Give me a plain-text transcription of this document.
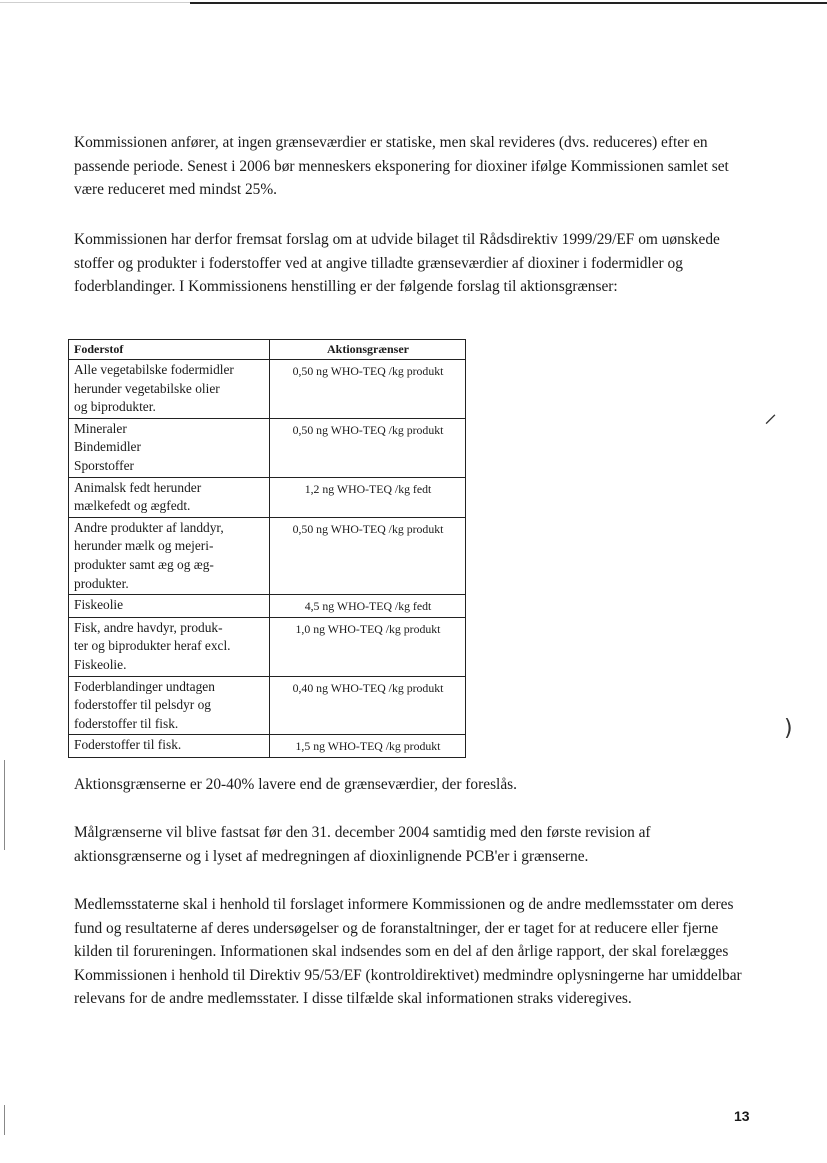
Kommissionen anfører, at ingen grænseværdier er statiske, men skal revideres (dvs. reduceres) efter en passende periode. Senest i 2006 bør menneskers eksponering for dioxiner ifølge Kommissionen samlet set være reduceret med mindst 25%.

Kommissionen har derfor fremsat forslag om at udvide bilaget til Rådsdirektiv 1999/29/EF om uønskede stoffer og produkter i foderstoffer ved at angive tilladte grænseværdier af dioxiner i fodermidler og foderblandinger. I Kommissionens henstilling er der følgende forslag til aktionsgrænser:

Foderstof	Aktionsgrænser

Alle vegetabilske fodermidler
herunder vegetabilske olier
og biprodukter.	0,50 ng WHO-TEQ /kg produkt

Mineraler
Bindemidler
Sporstoffer	0,50 ng WHO-TEQ /kg produkt

Animalsk fedt herunder
mælkefedt og ægfedt.	1,2 ng WHO-TEQ /kg fedt

Andre produkter af landdyr,
herunder mælk og mejeri-
produkter samt æg og æg-
produkter.	0,50 ng WHO-TEQ /kg produkt

Fiskeolie	4,5 ng WHO-TEQ /kg fedt

Fisk, andre havdyr, produk-
ter og biprodukter heraf excl.
Fiskeolie.	1,0 ng WHO-TEQ /kg produkt

Foderblandinger undtagen
foderstoffer til pelsdyr og
foderstoffer til fisk.	0,40 ng WHO-TEQ /kg produkt

Foderstoffer til fisk.	1,5 ng WHO-TEQ /kg produkt

Aktionsgrænserne er 20-40% lavere end de grænseværdier, der foreslås.

Målgrænserne vil blive fastsat før den 31. december 2004 samtidig med den første revision af aktionsgrænserne og i lyset af medregningen af dioxinlignende PCB'er i grænserne.

Medlemsstaterne skal i henhold til forslaget informere Kommissionen og de andre medlemsstater om deres fund og resultaterne af deres undersøgelser og de foranstaltninger, der er taget for at reducere eller fjerne kilden til forureningen. Informationen skal indsendes som en del af den årlige rapport, der skal forelægges Kommissionen i henhold til Direktiv 95/53/EF (kontroldirektivet) medmindre oplysningerne har umiddelbar relevans for de andre medlemsstater. I disse tilfælde skal informationen straks videregives.

13
⸝
)
